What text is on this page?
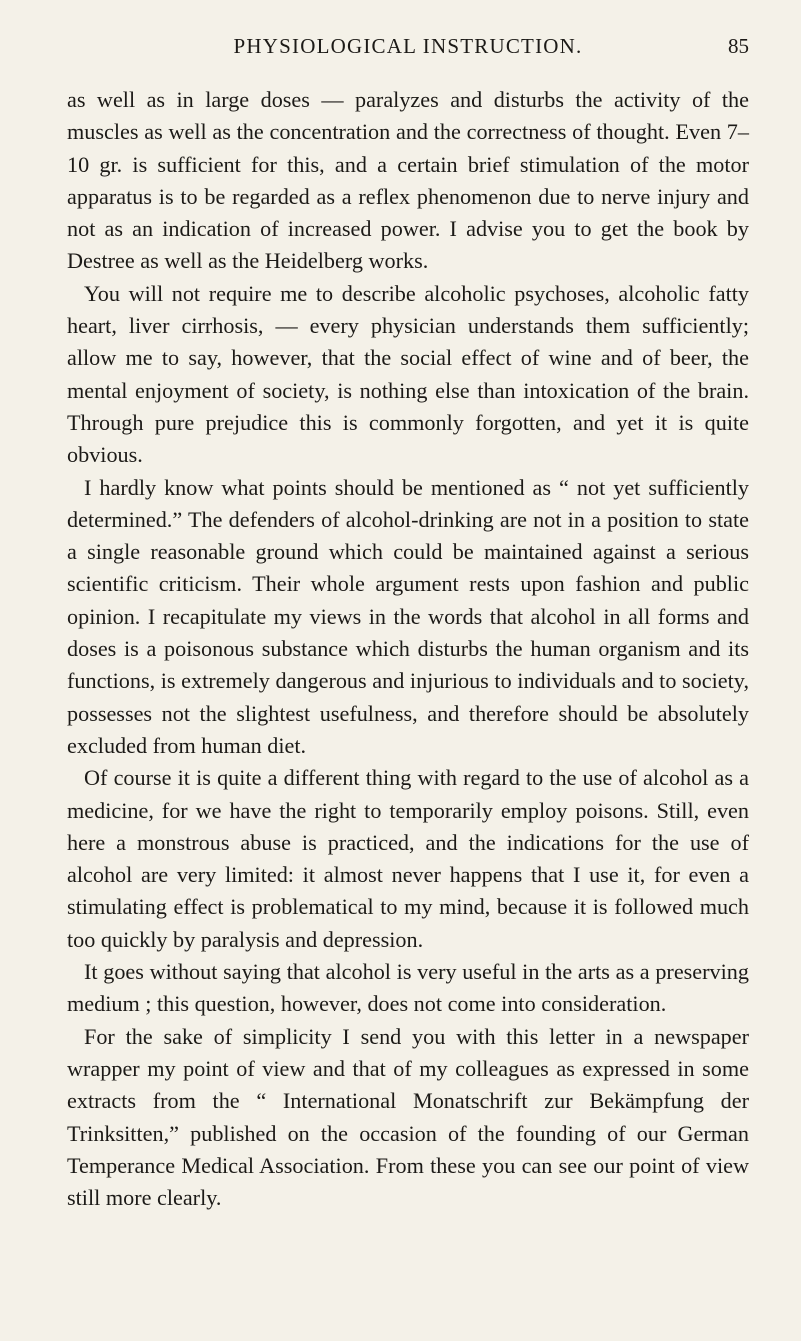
PHYSIOLOGICAL INSTRUCTION.	85

as well as in large doses — paralyzes and disturbs the activity of the muscles as well as the concentration and the correctness of thought. Even 7–10 gr. is sufficient for this, and a certain brief stimulation of the motor apparatus is to be regarded as a reflex phenomenon due to nerve injury and not as an indication of increased power. I advise you to get the book by Destree as well as the Heidelberg works.

You will not require me to describe alcoholic psychoses, alcoholic fatty heart, liver cirrhosis, — every physician understands them sufficiently; allow me to say, however, that the social effect of wine and of beer, the mental enjoyment of society, is nothing else than intoxication of the brain. Through pure prejudice this is commonly forgotten, and yet it is quite obvious.

I hardly know what points should be mentioned as “ not yet sufficiently determined.” The defenders of alcohol-drinking are not in a position to state a single reasonable ground which could be maintained against a serious scientific criticism. Their whole argument rests upon fashion and public opinion. I recapitulate my views in the words that alcohol in all forms and doses is a poisonous substance which disturbs the human organism and its functions, is extremely dangerous and injurious to individuals and to society, possesses not the slightest usefulness, and therefore should be absolutely excluded from human diet.

Of course it is quite a different thing with regard to the use of alcohol as a medicine, for we have the right to temporarily employ poisons. Still, even here a monstrous abuse is practiced, and the indications for the use of alcohol are very limited: it almost never happens that I use it, for even a stimulating effect is problematical to my mind, because it is followed much too quickly by paralysis and depression.

It goes without saying that alcohol is very useful in the arts as a preserving medium ; this question, however, does not come into consideration.

For the sake of simplicity I send you with this letter in a newspaper wrapper my point of view and that of my colleagues as expressed in some extracts from the “ International Monatschrift zur Bekämpfung der Trinksitten,” published on the occasion of the founding of our German Temperance Medical Association. From these you can see our point of view still more clearly.
